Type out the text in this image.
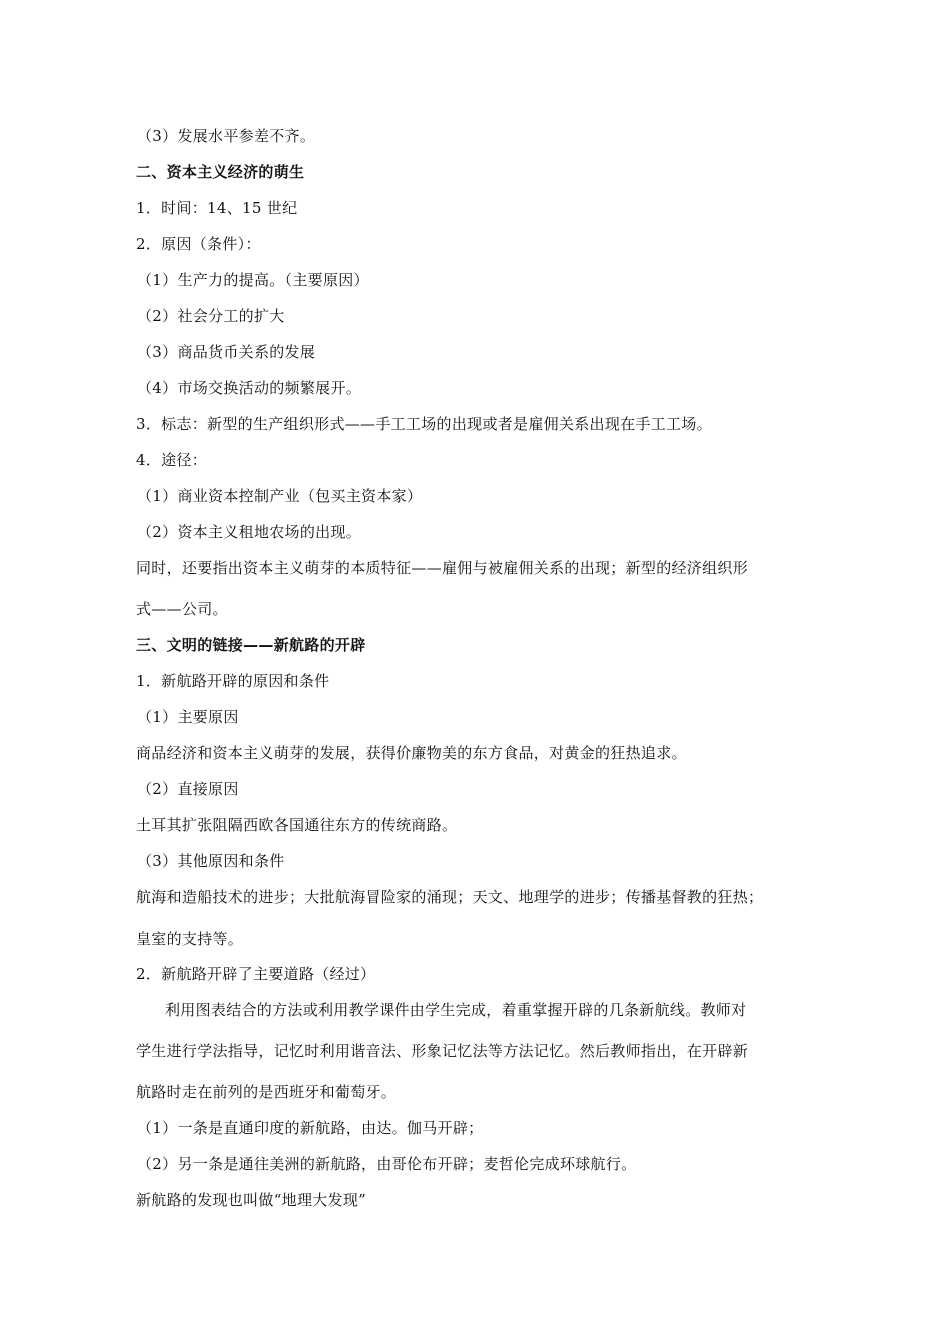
（3）发展水平参差不齐。
二、资本主义经济的萌生
1．时间：14、15 世纪
2．原因（条件）：
（1）生产力的提高。（主要原因）
（2）社会分工的扩大
（3）商品货币关系的发展
（4）市场交换活动的频繁展开。
3．标志：新型的生产组织形式——手工工场的出现或者是雇佣关系出现在手工工场。
4．途径：
（1）商业资本控制产业（包买主资本家）
（2）资本主义租地农场的出现。
同时，还要指出资本主义萌芽的本质特征——雇佣与被雇佣关系的出现；新型的经济组织形
式——公司。
三、文明的链接——新航路的开辟
1．新航路开辟的原因和条件
（1）主要原因
商品经济和资本主义萌芽的发展，获得价廉物美的东方食品，对黄金的狂热追求。
（2）直接原因
土耳其扩张阻隔西欧各国通往东方的传统商路。
（3）其他原因和条件
航海和造船技术的进步；大批航海冒险家的涌现；天文、地理学的进步；传播基督教的狂热；
皇室的支持等。
2．新航路开辟了主要道路（经过）
利用图表结合的方法或利用教学课件由学生完成，着重掌握开辟的几条新航线。教师对
学生进行学法指导，记忆时利用谐音法、形象记忆法等方法记忆。然后教师指出，在开辟新
航路时走在前列的是西班牙和葡萄牙。
（1）一条是直通印度的新航路，由达。伽马开辟；
（2）另一条是通往美洲的新航路，由哥伦布开辟；麦哲伦完成环球航行。
新航路的发现也叫做“地理大发现”
